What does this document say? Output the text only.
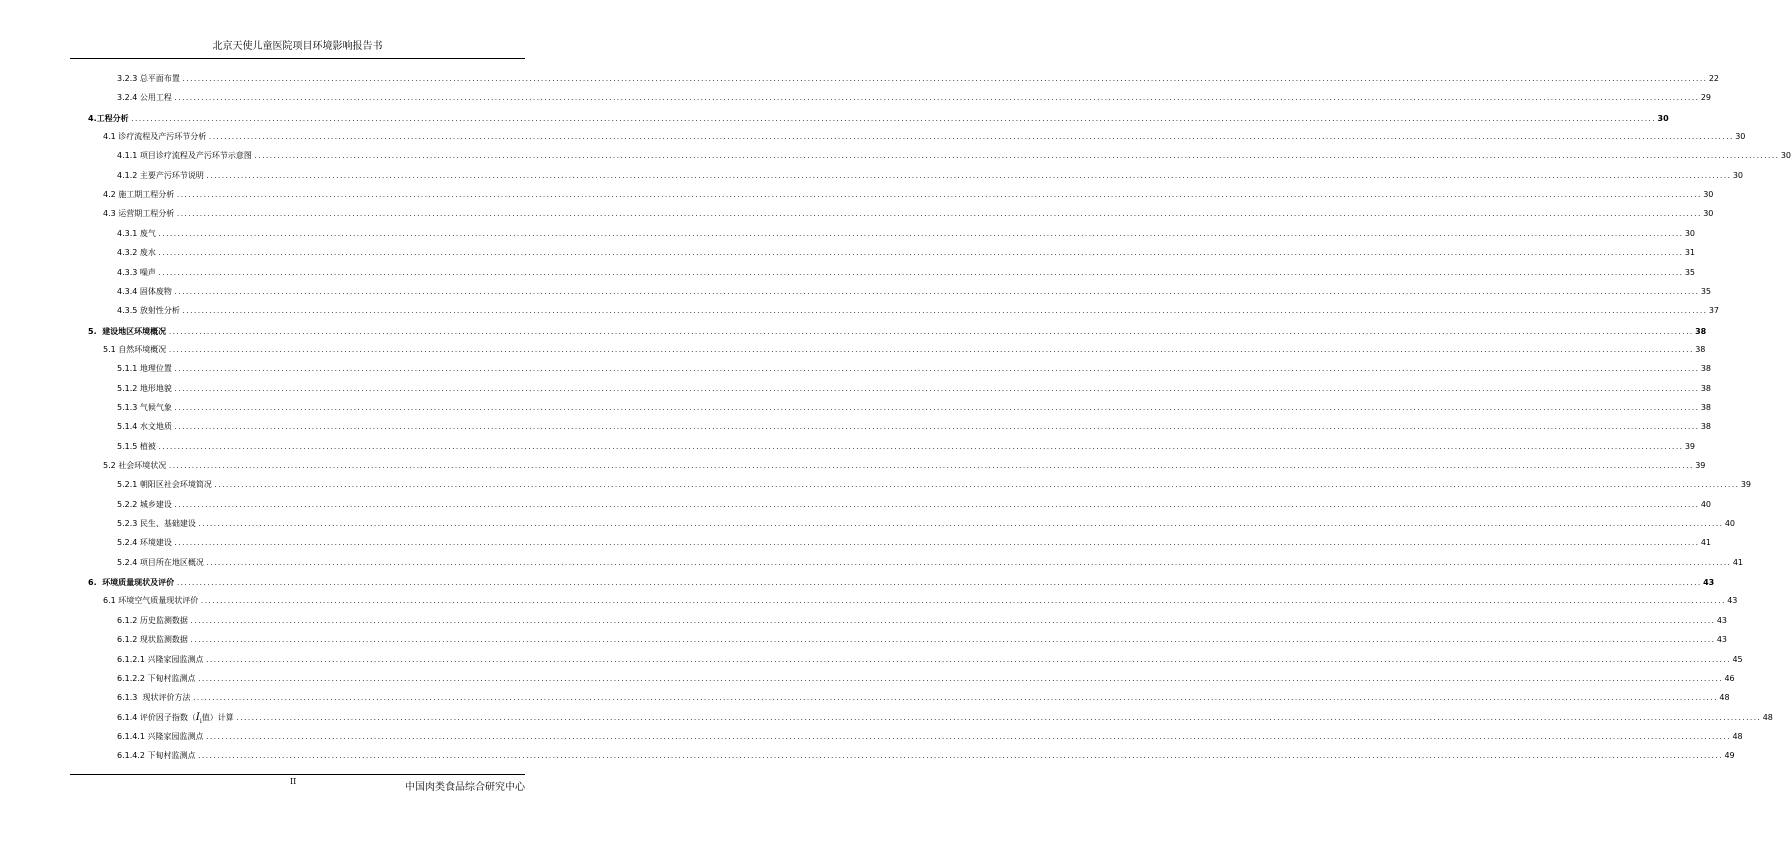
北京天使儿童医院项目环境影响报告书
3.2.3 总平面布置 ................................................................................................................................................................................................................................................................................................................................................................................................................ 22
3.2.4 公用工程 ................................................................................................................................................................................................................................................................................................................................................................................................................ 29
4. 工程分析 ................................................................................................................................................................................................................................................................................................................................................................................................................ 30
4.1 诊疗流程及产污环节分析 ................................................................................................................................................................................................................................................................................................................................................................................................................ 30
4.1.1 项目诊疗流程及产污环节示意图 ................................................................................................................................................................................................................................................................................................................................................................................................................ 30
4.1.2 主要产污环节说明 ................................................................................................................................................................................................................................................................................................................................................................................................................ 30
4.2 施工期工程分析 ................................................................................................................................................................................................................................................................................................................................................................................................................ 30
4.3 运营期工程分析 ................................................................................................................................................................................................................................................................................................................................................................................................................ 30
4.3.1 废气 ................................................................................................................................................................................................................................................................................................................................................................................................................ 30
4.3.2 废水 ................................................................................................................................................................................................................................................................................................................................................................................................................ 31
4.3.3 噪声 ................................................................................................................................................................................................................................................................................................................................................................................................................ 35
4.3.4 固体废物 ................................................................................................................................................................................................................................................................................................................................................................................................................ 35
4.3.5 放射性分析 ................................................................................................................................................................................................................................................................................................................................................................................................................ 37
5. 建设地区环境概况 ................................................................................................................................................................................................................................................................................................................................................................................................................ 38
5.1 自然环境概况 ................................................................................................................................................................................................................................................................................................................................................................................................................ 38
5.1.1 地理位置 ................................................................................................................................................................................................................................................................................................................................................................................................................ 38
5.1.2 地形地貌 ................................................................................................................................................................................................................................................................................................................................................................................................................ 38
5.1.3 气候气象 ................................................................................................................................................................................................................................................................................................................................................................................................................ 38
5.1.4 水文地质 ................................................................................................................................................................................................................................................................................................................................................................................................................ 38
5.1.5 植被 ................................................................................................................................................................................................................................................................................................................................................................................................................ 39
5.2 社会环境状况 ................................................................................................................................................................................................................................................................................................................................................................................................................ 39
5.2.1 朝阳区社会环境简况 ................................................................................................................................................................................................................................................................................................................................................................................................................ 39
5.2.2 城乡建设 ................................................................................................................................................................................................................................................................................................................................................................................................................ 40
5.2.3 民生、基础建设 ................................................................................................................................................................................................................................................................................................................................................................................................................ 40
5.2.4 环境建设 ................................................................................................................................................................................................................................................................................................................................................................................................................ 41
5.2.4 项目所在地区概况 ................................................................................................................................................................................................................................................................................................................................................................................................................ 41
6. 环境质量现状及评价 ................................................................................................................................................................................................................................................................................................................................................................................................................ 43
6.1 环境空气质量现状评价 ................................................................................................................................................................................................................................................................................................................................................................................................................ 43
6.1.2 历史监测数据 ................................................................................................................................................................................................................................................................................................................................................................................................................ 43
6.1.2 现状监测数据 ................................................................................................................................................................................................................................................................................................................................................................................................................ 43
6.1.2.1 兴隆家园监测点 ................................................................................................................................................................................................................................................................................................................................................................................................................ 45
6.1.2.2 下甸村监测点 ................................................................................................................................................................................................................................................................................................................................................................................................................ 46
6.1.3 现状评价方法 ................................................................................................................................................................................................................................................................................................................................................................................................................ 48
6.1.4 评价因子指数（$I_i$值）计算 ................................................................................................................................................................................................................................................................................................................................................................................................................ 48
6.1.4.1 兴隆家园监测点 ................................................................................................................................................................................................................................................................................................................................................................................................................ 48
6.1.4.2 下甸村监测点 ................................................................................................................................................................................................................................................................................................................................................................................................................ 49
II
中国肉类食品综合研究中心
